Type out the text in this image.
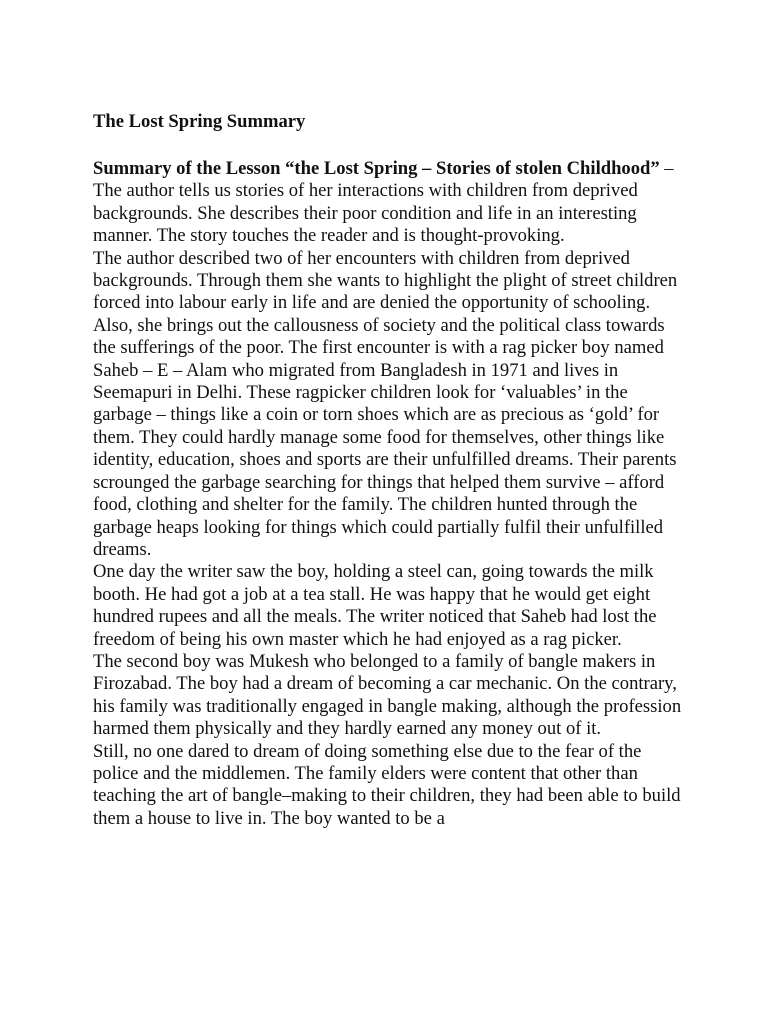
The Lost Spring Summary

Summary of the Lesson “the Lost Spring – Stories of stolen Childhood” – The author tells us stories of her interactions with children from deprived backgrounds. She describes their poor condition and life in an interesting manner. The story touches the reader and is thought-provoking.

The author described two of her encounters with children from deprived backgrounds. Through them she wants to highlight the plight of street children forced into labour early in life and are denied the opportunity of schooling. Also, she brings out the callousness of society and the political class towards the sufferings of the poor. The first encounter is with a rag picker boy named Saheb – E – Alam who migrated from Bangladesh in 1971 and lives in Seemapuri in Delhi. These ragpicker children look for ‘valuables’ in the garbage – things like a coin or torn shoes which are as precious as ‘gold’ for them. They could hardly manage some food for themselves, other things like identity, education, shoes and sports are their unfulfilled dreams. Their parents scrounged the garbage searching for things that helped them survive – afford food, clothing and shelter for the family. The children hunted through the garbage heaps looking for things which could partially fulfil their unfulfilled dreams.

One day the writer saw the boy, holding a steel can, going towards the milk booth. He had got a job at a tea stall. He was happy that he would get eight hundred rupees and all the meals. The writer noticed that Saheb had lost the freedom of being his own master which he had enjoyed as a rag picker.

The second boy was Mukesh who belonged to a family of bangle makers in Firozabad. The boy had a dream of becoming a car mechanic. On the contrary, his family was traditionally engaged in bangle making, although the profession harmed them physically and they hardly earned any money out of it.

Still, no one dared to dream of doing something else due to the fear of the police and the middlemen. The family elders were content that other than teaching the art of bangle–making to their children, they had been able to build them a house to live in. The boy wanted to be a
